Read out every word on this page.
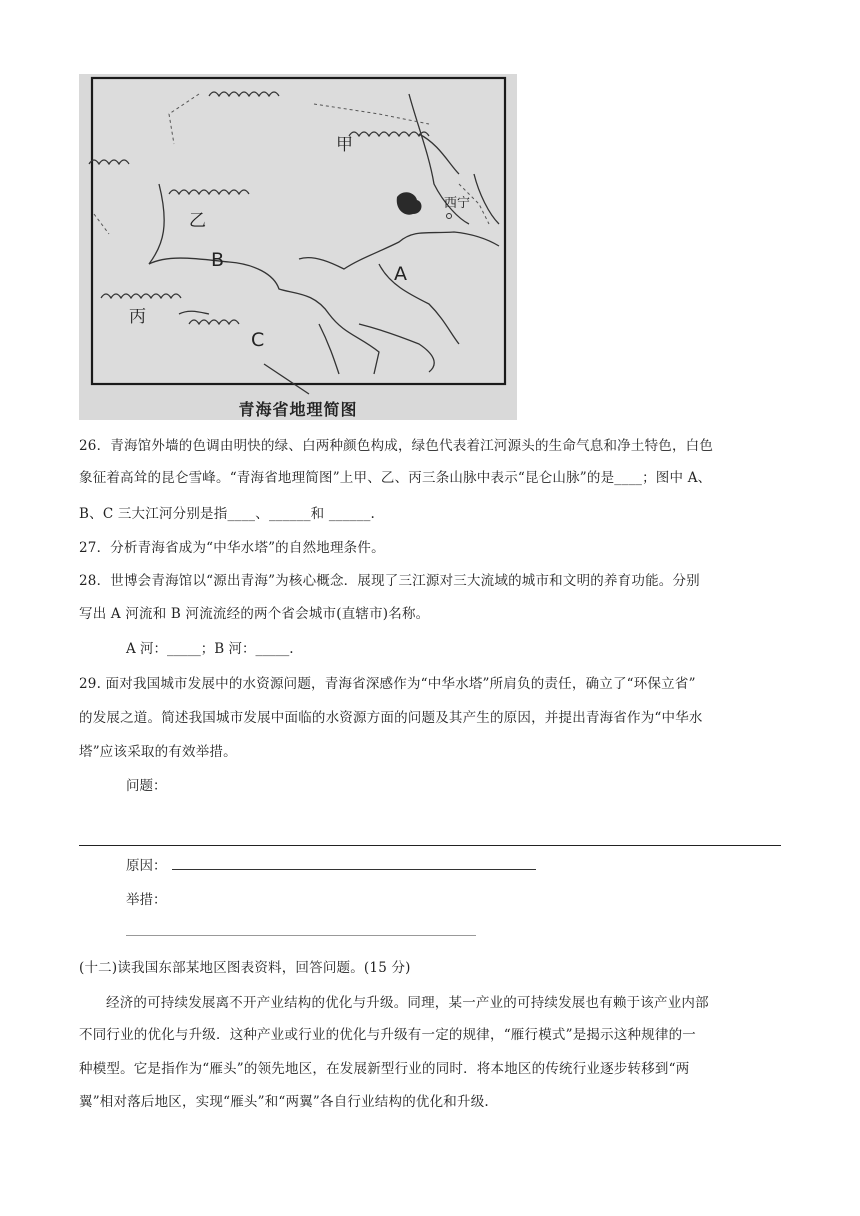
甲
乙
丙
A
B
C
西宁
青海省地理简图

26．青海馆外墙的色调由明快的绿、白两种颜色构成，绿色代表着江河源头的生命气息和净土特色，白色

象征着高耸的昆仑雪峰。“青海省地理简图”上甲、乙、丙三条山脉中表示“昆仑山脉”的是____；图中 A、

B、C 三大江河分别是指____、______和 ______.

27．分析青海省成为“中华水塔”的自然地理条件。

28．世博会青海馆以“源出青海”为核心概念．展现了三江源对三大流域的城市和文明的养育功能。分别

写出 A 河流和 B 河流流经的两个省会城市(直辖市)名称。

A 河：_____；B 河：_____.

29. 面对我国城市发展中的水资源问题，青海省深感作为“中华水塔”所肩负的责任，确立了“环保立省”

的发展之道。简述我国城市发展中面临的水资源方面的问题及其产生的原因，并提出青海省作为“中华水

塔”应该采取的有效举措。

问题：

原因：

举措：

(十二)读我国东部某地区图表资料，回答问题。(15 分)

经济的可持续发展离不开产业结构的优化与升级。同理，某一产业的可持续发展也有赖于该产业内部

不同行业的优化与升级．这种产业或行业的优化与升级有一定的规律，“雁行模式”是揭示这种规律的一

种模型。它是指作为“雁头”的领先地区，在发展新型行业的同时．将本地区的传统行业逐步转移到“两

翼”相对落后地区，实现“雁头”和“两翼”各自行业结构的优化和升级.
